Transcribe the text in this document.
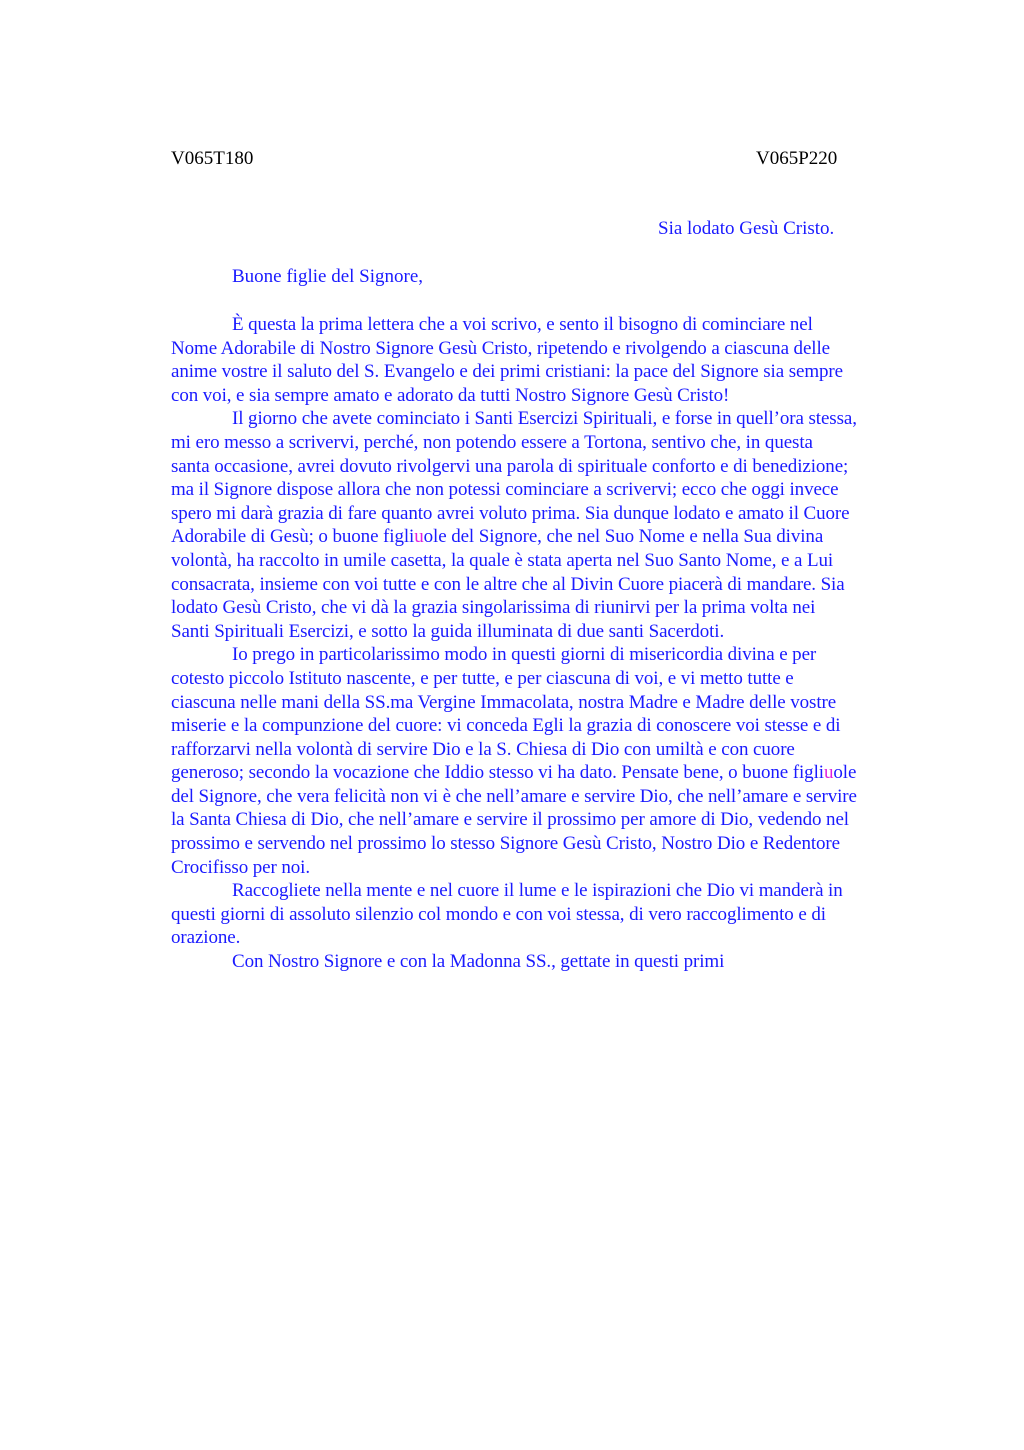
V065T180	V065P220

Sia lodato Gesù Cristo.

Buone figlie del Signore,

È questa la prima lettera che a voi scrivo, e sento il bisogno di cominciare nel
Nome Adorabile di Nostro Signore Gesù Cristo, ripetendo e rivolgendo a ciascuna delle
anime vostre il saluto del S. Evangelo e dei primi cristiani: la pace del Signore sia sempre
con voi, e sia sempre amato e adorato da tutti Nostro Signore Gesù Cristo!
Il giorno che avete cominciato i Santi Esercizi Spirituali, e forse in quell’ora stessa,
mi ero messo a scrivervi, perché, non potendo essere a Tortona, sentivo che, in questa
santa occasione, avrei dovuto rivolgervi una parola di spirituale conforto e di benedizione;
ma il Signore dispose allora che non potessi cominciare a scrivervi; ecco che oggi invece
spero mi darà grazia di fare quanto avrei voluto prima. Sia dunque lodato e amato il Cuore
Adorabile di Gesù; o buone figliuole del Signore, che nel Suo Nome e nella Sua divina
volontà, ha raccolto in umile casetta, la quale è stata aperta nel Suo Santo Nome, e a Lui
consacrata, insieme con voi tutte e con le altre che al Divin Cuore piacerà di mandare. Sia
lodato Gesù Cristo, che vi dà la grazia singolarissima di riunirvi per la prima volta nei
Santi Spirituali Esercizi, e sotto la guida illuminata di due santi Sacerdoti.
Io prego in particolarissimo modo in questi giorni di misericordia divina e per
cotesto piccolo Istituto nascente, e per tutte, e per ciascuna di voi, e vi metto tutte e
ciascuna nelle mani della SS.ma Vergine Immacolata, nostra Madre e Madre delle vostre
miserie e la compunzione del cuore: vi conceda Egli la grazia di conoscere voi stesse e di
rafforzarvi nella volontà di servire Dio e la S. Chiesa di Dio con umiltà e con cuore
generoso; secondo la vocazione che Iddio stesso vi ha dato. Pensate bene, o buone figliuole
del Signore, che vera felicità non vi è che nell’amare e servire Dio, che nell’amare e servire
la Santa Chiesa di Dio, che nell’amare e servire il prossimo per amore di Dio, vedendo nel
prossimo e servendo nel prossimo lo stesso Signore Gesù Cristo, Nostro Dio e Redentore
Crocifisso per noi.
Raccogliete nella mente e nel cuore il lume e le ispirazioni che Dio vi manderà in
questi giorni di assoluto silenzio col mondo e con voi stessa, di vero raccoglimento e di
orazione.
Con Nostro Signore e con la Madonna SS., gettate in questi primi
